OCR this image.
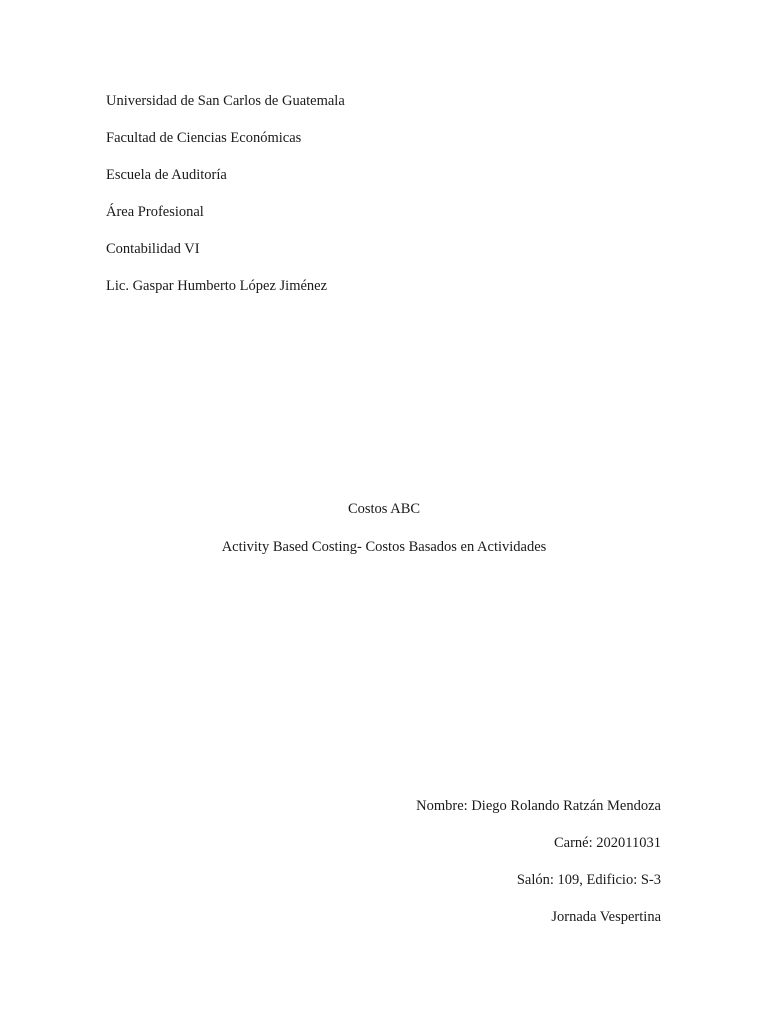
Universidad de San Carlos de Guatemala
Facultad de Ciencias Económicas
Escuela de Auditoría
Área Profesional
Contabilidad VI
Lic. Gaspar Humberto López Jiménez
Costos ABC
Activity Based Costing- Costos Basados en Actividades
Nombre: Diego Rolando Ratzán Mendoza
Carné: 202011031
Salón: 109, Edificio: S-3
Jornada Vespertina
